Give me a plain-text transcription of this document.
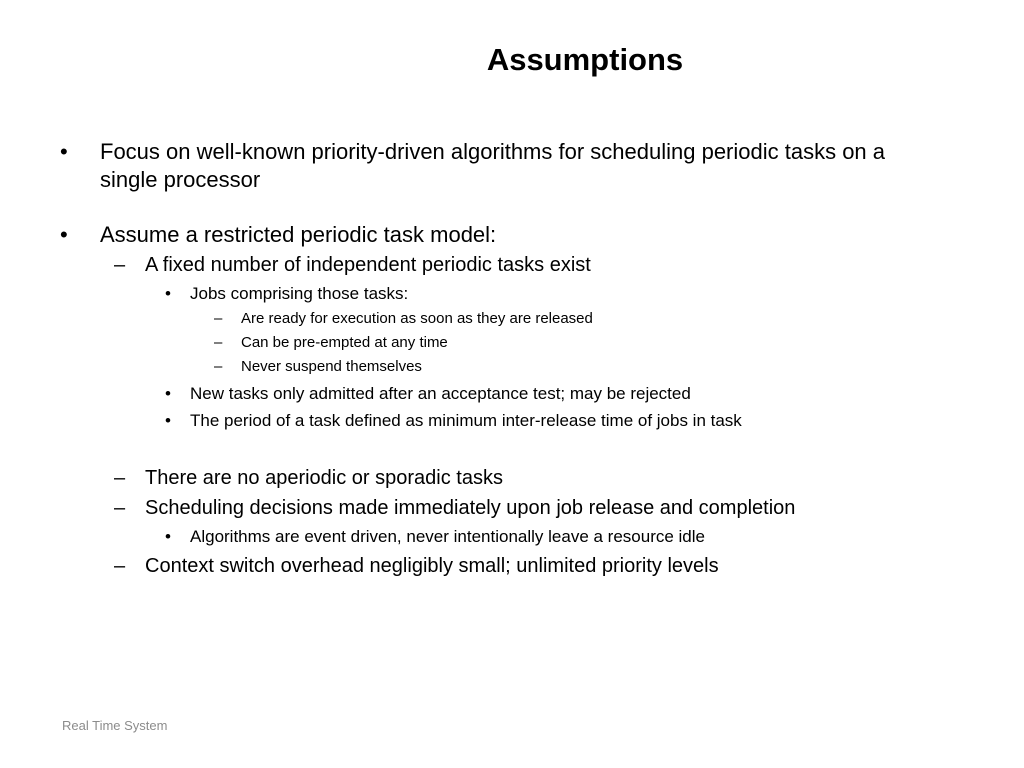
Assumptions
• Focus on well-known priority-driven algorithms for scheduling periodic tasks on a single processor
• Assume a restricted periodic task model:
– A fixed number of independent periodic tasks exist
• Jobs comprising those tasks:
– Are ready for execution as soon as they are released
– Can be pre-empted at any time
– Never suspend themselves
• New tasks only admitted after an acceptance test; may be rejected
• The period of a task defined as minimum inter-release time of jobs in task
– There are no aperiodic or sporadic tasks
– Scheduling decisions made immediately upon job release and completion
• Algorithms are event driven, never intentionally leave a resource idle
– Context switch overhead negligibly small; unlimited priority levels
Real Time System
